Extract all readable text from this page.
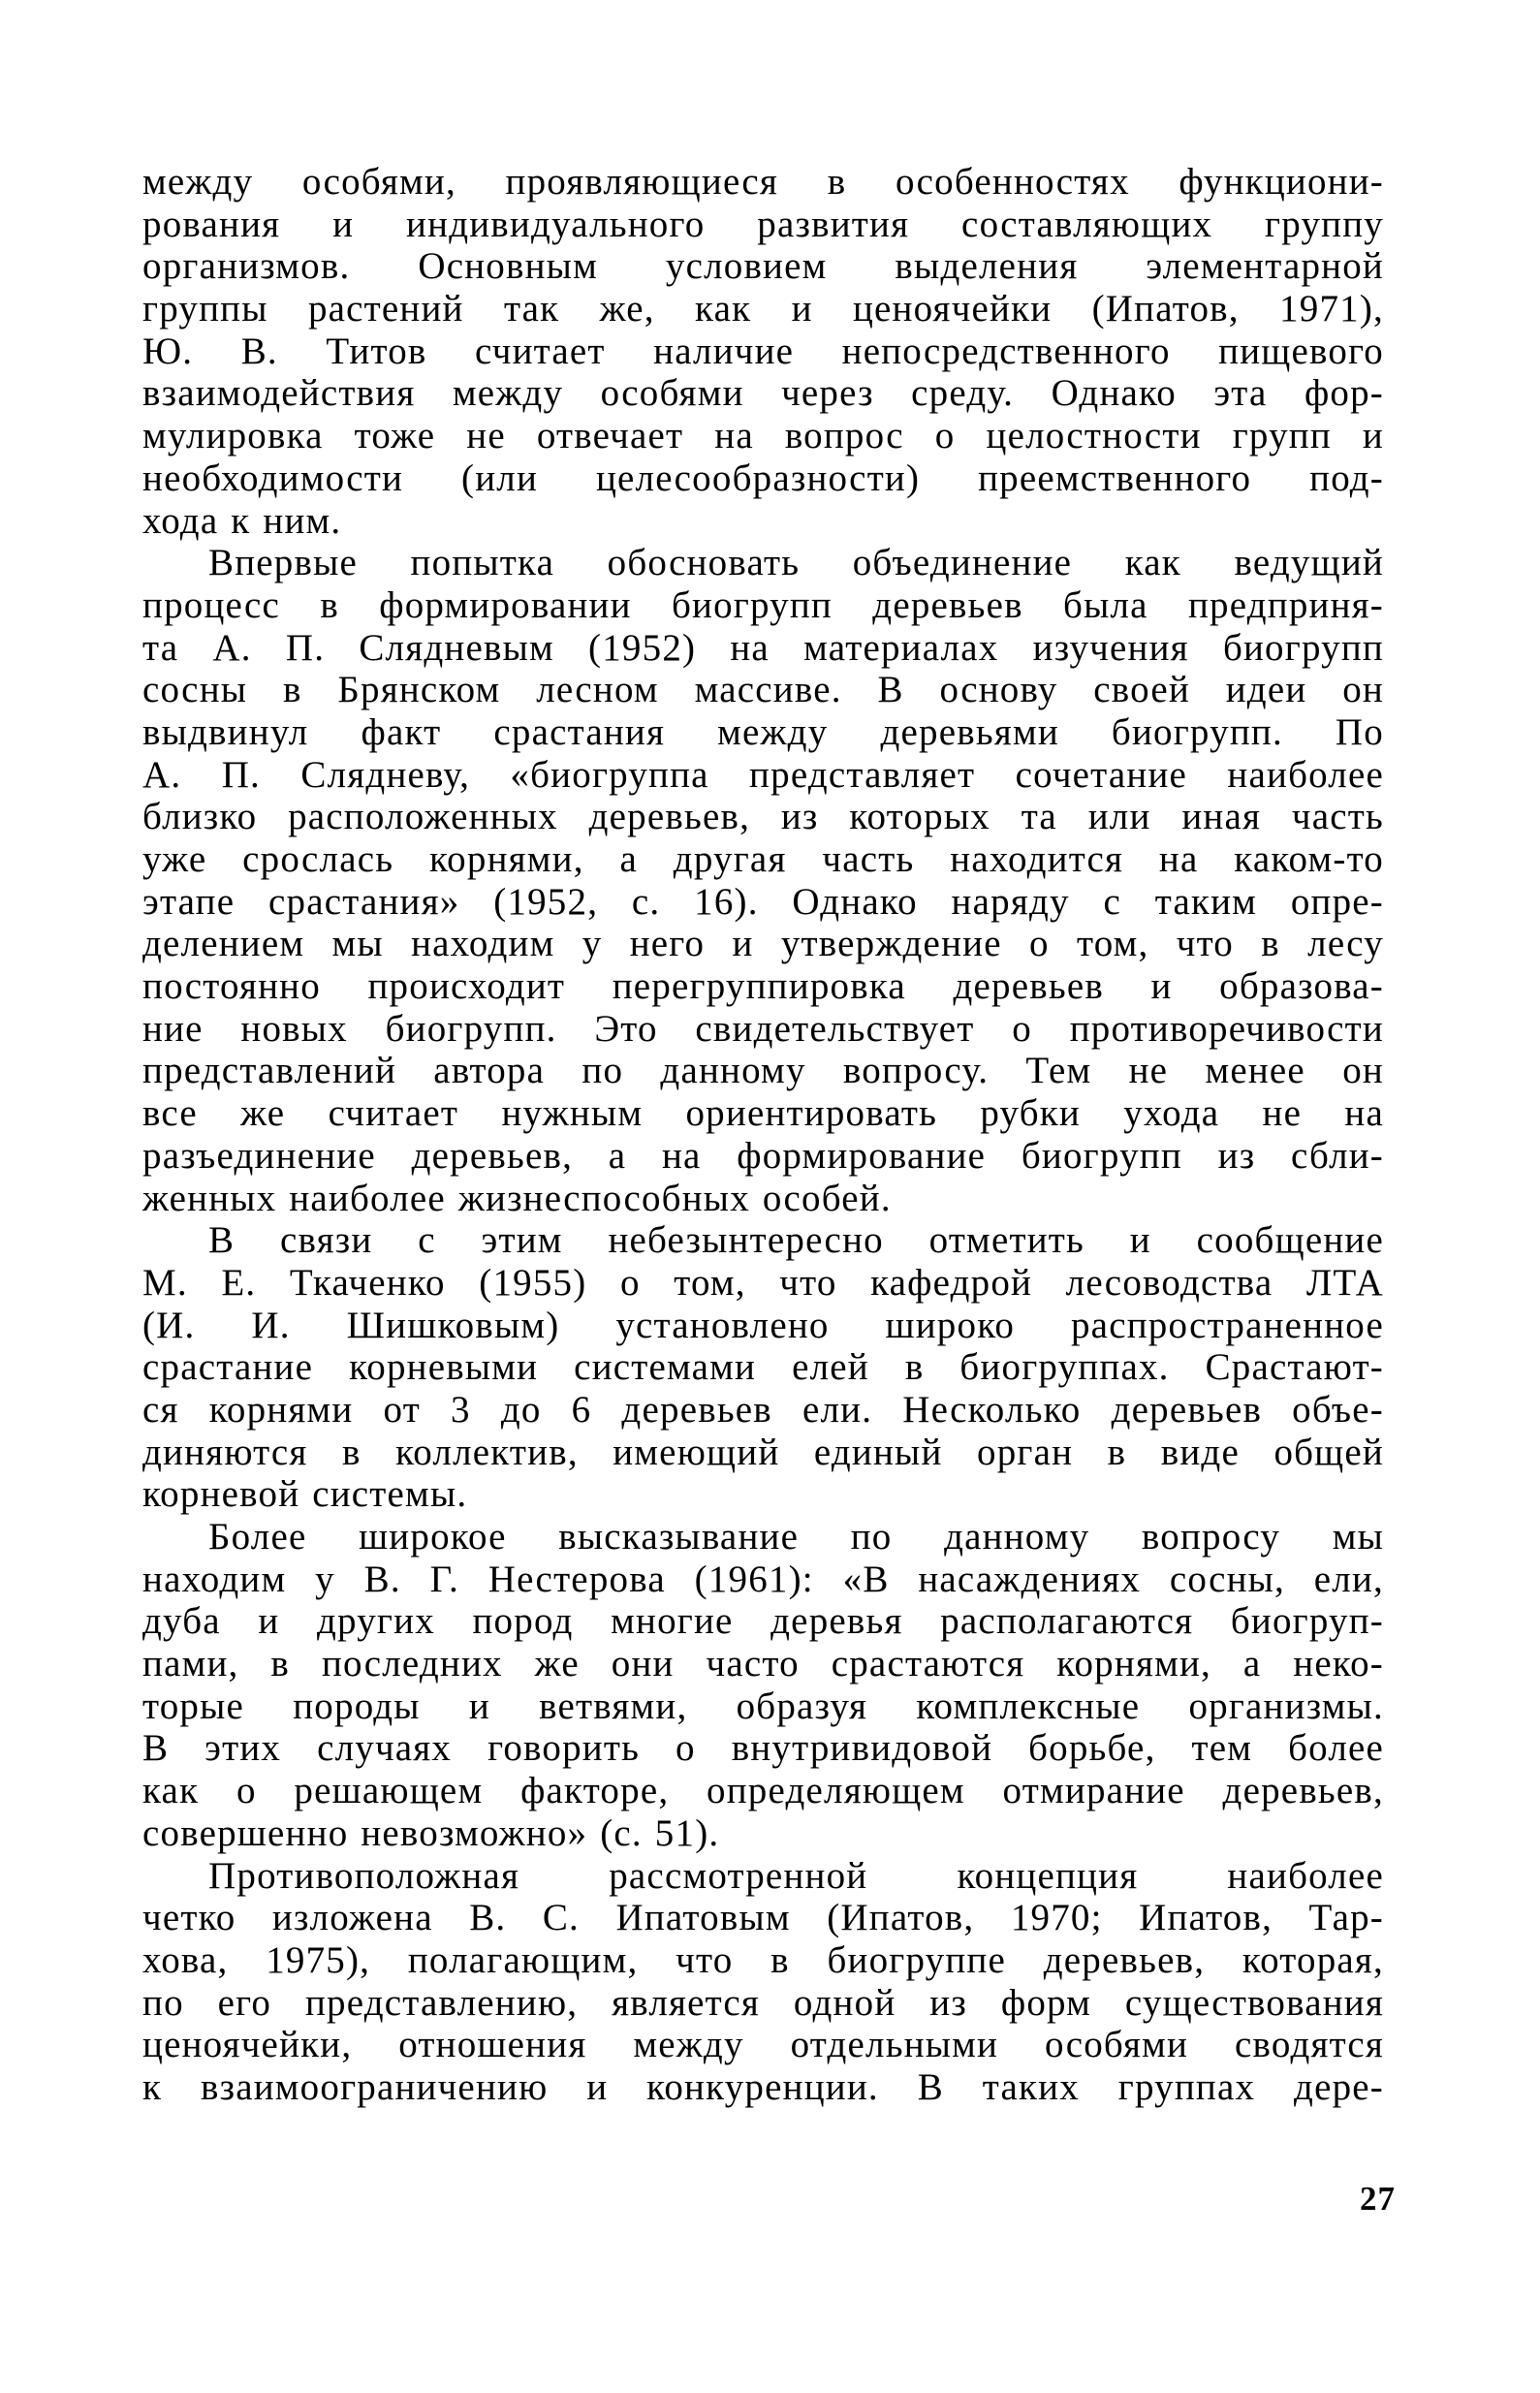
между особями, проявляющиеся в особенностях функциони-
рования и индивидуального развития составляющих группу
организмов. Основным условием выделения элементарной
группы растений так же, как и ценоячейки (Ипатов, 1971),
Ю. В. Титов считает наличие непосредственного пищевого
взаимодействия между особями через среду. Однако эта фор-
мулировка тоже не отвечает на вопрос о целостности групп и
необходимости (или целесообразности) преемственного под-
хода к ним.
Впервые попытка обосновать объединение как ведущий
процесс в формировании биогрупп деревьев была предприня-
та А. П. Слядневым (1952) на материалах изучения биогрупп
сосны в Брянском лесном массиве. В основу своей идеи он
выдвинул факт срастания между деревьями биогрупп. По
А. П. Слядневу, «биогруппа представляет сочетание наиболее
близко расположенных деревьев, из которых та или иная часть
уже срослась корнями, а другая часть находится на каком-то
этапе срастания» (1952, с. 16). Однако наряду с таким опре-
делением мы находим у него и утверждение о том, что в лесу
постоянно происходит перегруппировка деревьев и образова-
ние новых биогрупп. Это свидетельствует о противоречивости
представлений автора по данному вопросу. Тем не менее он
все же считает нужным ориентировать рубки ухода не на
разъединение деревьев, а на формирование биогрупп из сбли-
женных наиболее жизнеспособных особей.
В связи с этим небезынтересно отметить и сообщение
М. Е. Ткаченко (1955) о том, что кафедрой лесоводства ЛТА
(И. И. Шишковым) установлено широко распространенное
срастание корневыми системами елей в биогруппах. Срастают-
ся корнями от 3 до 6 деревьев ели. Несколько деревьев объе-
диняются в коллектив, имеющий единый орган в виде общей
корневой системы.
Более широкое высказывание по данному вопросу мы
находим у В. Г. Нестерова (1961): «В насаждениях сосны, ели,
дуба и других пород многие деревья располагаются биогруп-
пами, в последних же они часто срастаются корнями, а неко-
торые породы и ветвями, образуя комплексные организмы.
В этих случаях говорить о внутривидовой борьбе, тем более
как о решающем факторе, определяющем отмирание деревьев,
совершенно невозможно» (с. 51).
Противоположная рассмотренной концепция наиболее
четко изложена В. С. Ипатовым (Ипатов, 1970; Ипатов, Тар-
хова, 1975), полагающим, что в биогруппе деревьев, которая,
по его представлению, является одной из форм существования
ценоячейки, отношения между отдельными особями сводятся
к взаимоограничению и конкуренции. В таких группах дере-
27
